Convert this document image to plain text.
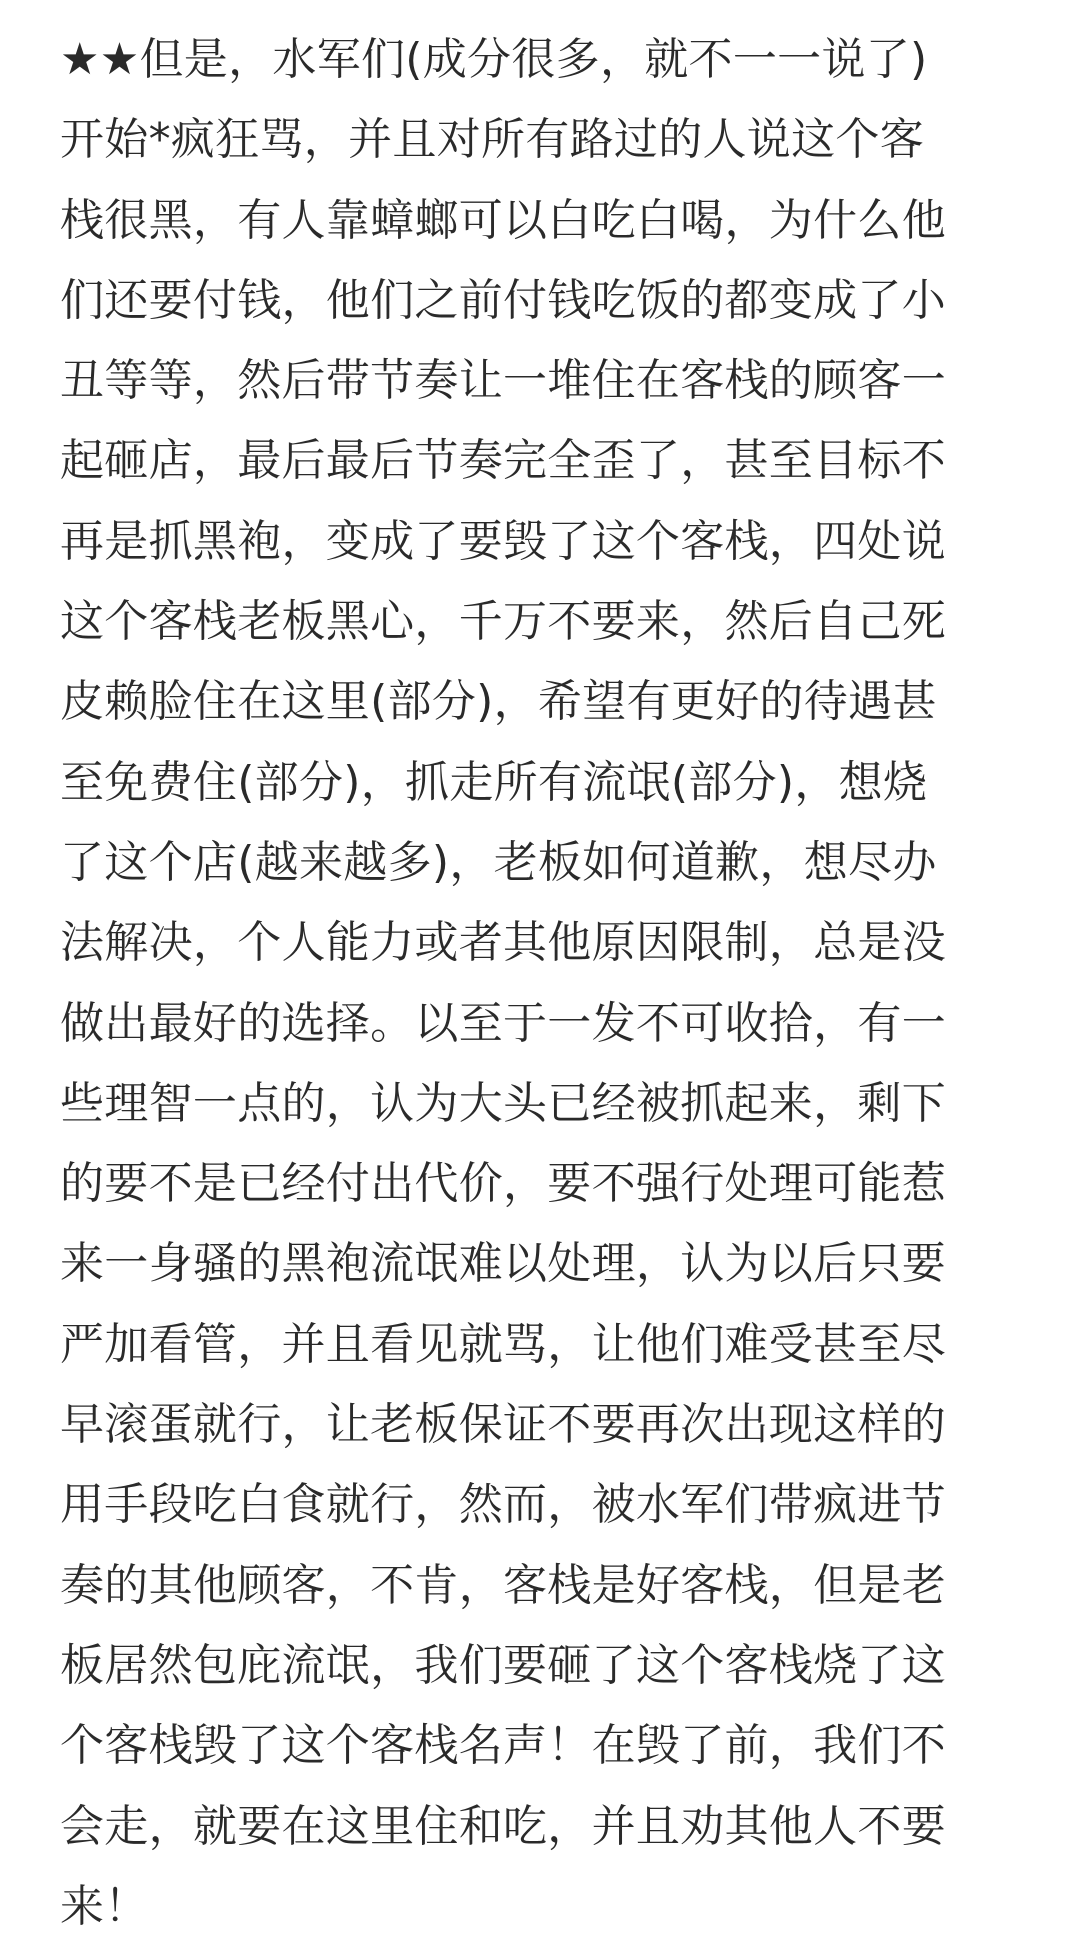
★★但是，水军们(成分很多，就不一一说了)
开始*疯狂骂，并且对所有路过的人说这个客
栈很黑，有人靠蟑螂可以白吃白喝，为什么他
们还要付钱，他们之前付钱吃饭的都变成了小
丑等等，然后带节奏让一堆住在客栈的顾客一
起砸店，最后最后节奏完全歪了，甚至目标不
再是抓黑袍，变成了要毁了这个客栈，四处说
这个客栈老板黑心，千万不要来，然后自己死
皮赖脸住在这里(部分)，希望有更好的待遇甚
至免费住(部分)，抓走所有流氓(部分)，想烧
了这个店(越来越多)，老板如何道歉，想尽办
法解决，个人能力或者其他原因限制，总是没
做出最好的选择。以至于一发不可收拾，有一
些理智一点的，认为大头已经被抓起来，剩下
的要不是已经付出代价，要不强行处理可能惹
来一身骚的黑袍流氓难以处理，认为以后只要
严加看管，并且看见就骂，让他们难受甚至尽
早滚蛋就行，让老板保证不要再次出现这样的
用手段吃白食就行，然而，被水军们带疯进节
奏的其他顾客，不肯，客栈是好客栈，但是老
板居然包庇流氓，我们要砸了这个客栈烧了这
个客栈毁了这个客栈名声！在毁了前，我们不
会走，就要在这里住和吃，并且劝其他人不要
来！
